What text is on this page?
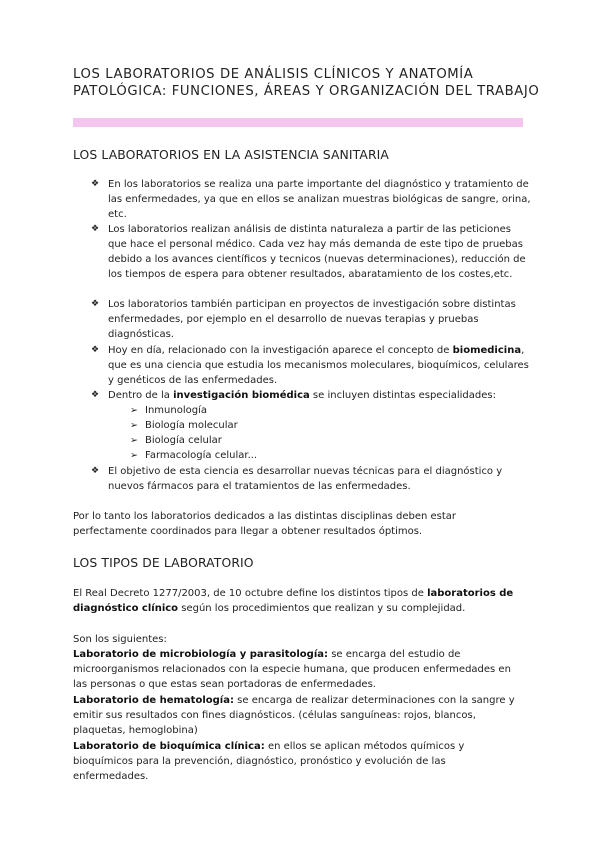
LOS LABORATORIOS DE ANÁLISIS CLÍNICOS Y ANATOMÍA PATOLÓGICA: FUNCIONES, ÁREAS Y ORGANIZACIÓN DEL TRABAJO
LOS LABORATORIOS EN LA ASISTENCIA SANITARIA
❖ En los laboratorios se realiza una parte importante del diagnóstico y tratamiento de las enfermedades, ya que en ellos se analizan muestras biológicas de sangre, orina, etc.
❖ Los laboratorios realizan análisis de distinta naturaleza a partir de las peticiones que hace el personal médico. Cada vez hay más demanda de este tipo de pruebas debido a los avances científicos y tecnicos (nuevas determinaciones), reducción de los tiempos de espera para obtener resultados, abaratamiento de los costes,etc.
❖ Los laboratorios también participan en proyectos de investigación sobre distintas enfermedades, por ejemplo en el desarrollo de nuevas terapias y pruebas diagnósticas.
❖ Hoy en día, relacionado con la investigación aparece el concepto de biomedicina, que es una ciencia que estudia los mecanismos moleculares, bioquímicos, celulares y genéticos de las enfermedades.
❖ Dentro de la investigación biomédica se incluyen distintas especialidades:
➢ Inmunología
➢ Biología molecular
➢ Biología celular
➢ Farmacología celular...
❖ El objetivo de esta ciencia es desarrollar nuevas técnicas para el diagnóstico y nuevos fármacos para el tratamientos de las enfermedades.
Por lo tanto los laboratorios dedicados a las distintas disciplinas deben estar perfectamente coordinados para llegar a obtener resultados óptimos.
LOS TIPOS DE LABORATORIO
El Real Decreto 1277/2003, de 10 octubre define los distintos tipos de laboratorios de diagnóstico clínico según los procedimientos que realizan y su complejidad.
Son los siguientes:
Laboratorio de microbiología y parasitología: se encarga del estudio de microorganismos relacionados con la especie humana, que producen enfermedades en las personas o que estas sean portadoras de enfermedades.
Laboratorio de hematología: se encarga de realizar determinaciones con la sangre y emitir sus resultados con fines diagnósticos. (células sanguíneas: rojos, blancos, plaquetas, hemoglobina)
Laboratorio de bioquímica clínica: en ellos se aplican métodos químicos y bioquímicos para la prevención, diagnóstico, pronóstico y evolución de las enfermedades.
